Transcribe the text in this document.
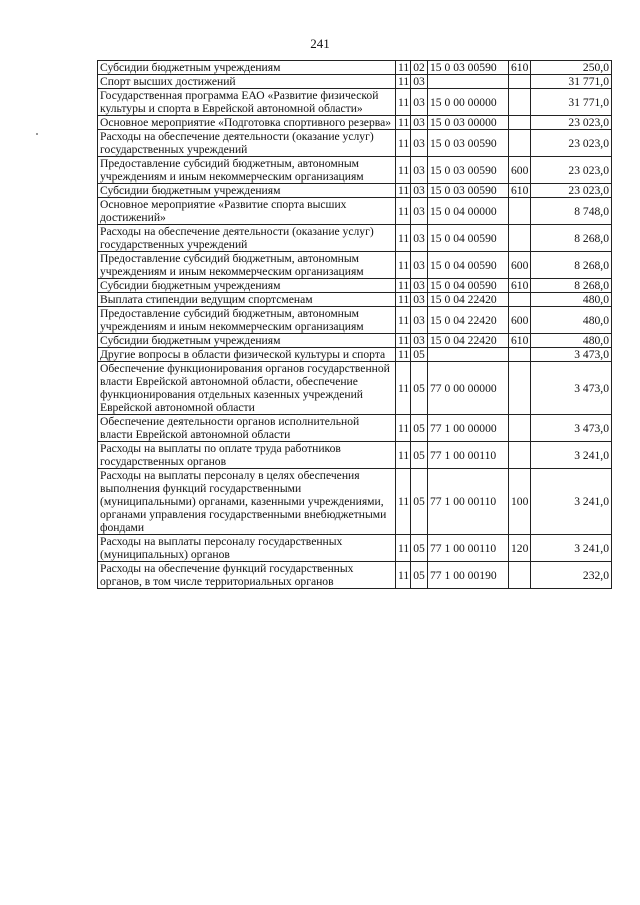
241
Субсидии бюджетным учреждениям	11	02	15 0 03 00590	610	250,0
Спорт высших достижений	11	03			31 771,0
Государственная программа ЕАО «Развитие физической культуры и спорта в Еврейской автономной области»	11	03	15 0 00 00000		31 771,0
Основное мероприятие «Подготовка спортивного резерва»	11	03	15 0 03 00000		23 023,0
Расходы на обеспечение деятельности (оказание услуг) государственных учреждений	11	03	15 0 03 00590		23 023,0
Предоставление субсидий бюджетным, автономным учреждениям и иным некоммерческим организациям	11	03	15 0 03 00590	600	23 023,0
Субсидии бюджетным учреждениям	11	03	15 0 03 00590	610	23 023,0
Основное мероприятие «Развитие спорта высших достижений»	11	03	15 0 04 00000		8 748,0
Расходы на обеспечение деятельности (оказание услуг) государственных учреждений	11	03	15 0 04 00590		8 268,0
Предоставление субсидий бюджетным, автономным учреждениям и иным некоммерческим организациям	11	03	15 0 04 00590	600	8 268,0
Субсидии бюджетным учреждениям	11	03	15 0 04 00590	610	8 268,0
Выплата стипендии ведущим спортсменам	11	03	15 0 04 22420		480,0
Предоставление субсидий бюджетным, автономным учреждениям и иным некоммерческим организациям	11	03	15 0 04 22420	600	480,0
Субсидии бюджетным учреждениям	11	03	15 0 04 22420	610	480,0
Другие вопросы в области физической культуры и спорта	11	05			3 473,0
Обеспечение функционирования органов государственной власти Еврейской автономной области, обеспечение функционирования отдельных казенных учреждений Еврейской автономной области	11	05	77 0 00 00000		3 473,0
Обеспечение деятельности органов исполнительной власти Еврейской автономной области	11	05	77 1 00 00000		3 473,0
Расходы на выплаты по оплате труда работников государственных органов	11	05	77 1 00 00110		3 241,0
Расходы на выплаты персоналу в целях обеспечения выполнения функций государственными (муниципальными) органами, казенными учреждениями, органами управления государственными внебюджетными фондами	11	05	77 1 00 00110	100	3 241,0
Расходы на выплаты персоналу государственных (муниципальных) органов	11	05	77 1 00 00110	120	3 241,0
Расходы на обеспечение функций государственных органов, в том числе территориальных органов	11	05	77 1 00 00190		232,0
